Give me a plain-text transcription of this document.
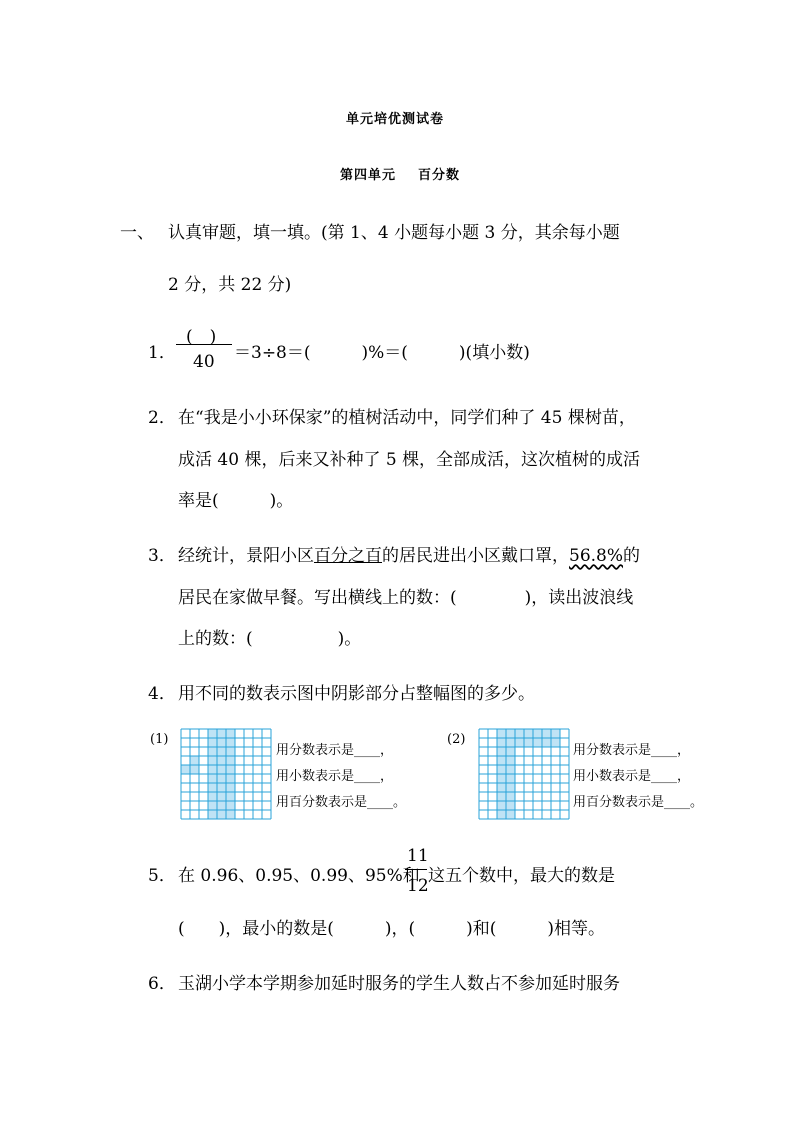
单元培优测试卷
第四单元 百分数
一、 认真审题，填一填。(第 1、4 小题每小题 3 分，其余每小题
2 分，共 22 分)
1．
(　)
40 ＝3÷8＝(　　　)%＝(　　　)(填小数)
2． 在“我是小小环保家”的植树活动中，同学们种了 45 棵树苗，
成活 40 棵，后来又补种了 5 棵，全部成活，这次植树的成活
率是(　　　)。
3． 经统计，景阳小区百分之百的居民进出小区戴口罩，56.8%的
居民在家做早餐。写出横线上的数：(　　　　)，读出波浪线
上的数：(　　　　　)。
4． 用不同的数表示图中阴影部分占整幅图的多少。
(1)
用分数表示是____，
用小数表示是____，
用百分数表示是____。
(2)
用分数表示是____，
用小数表示是____，
用百分数表示是____。
5． 在 0.96、0.95、0.99、95%和
11
12 这五个数中，最大的数是
(　　)，最小的数是(　　　)，(　　　)和(　　　)相等。
6． 玉湖小学本学期参加延时服务的学生人数占不参加延时服务
